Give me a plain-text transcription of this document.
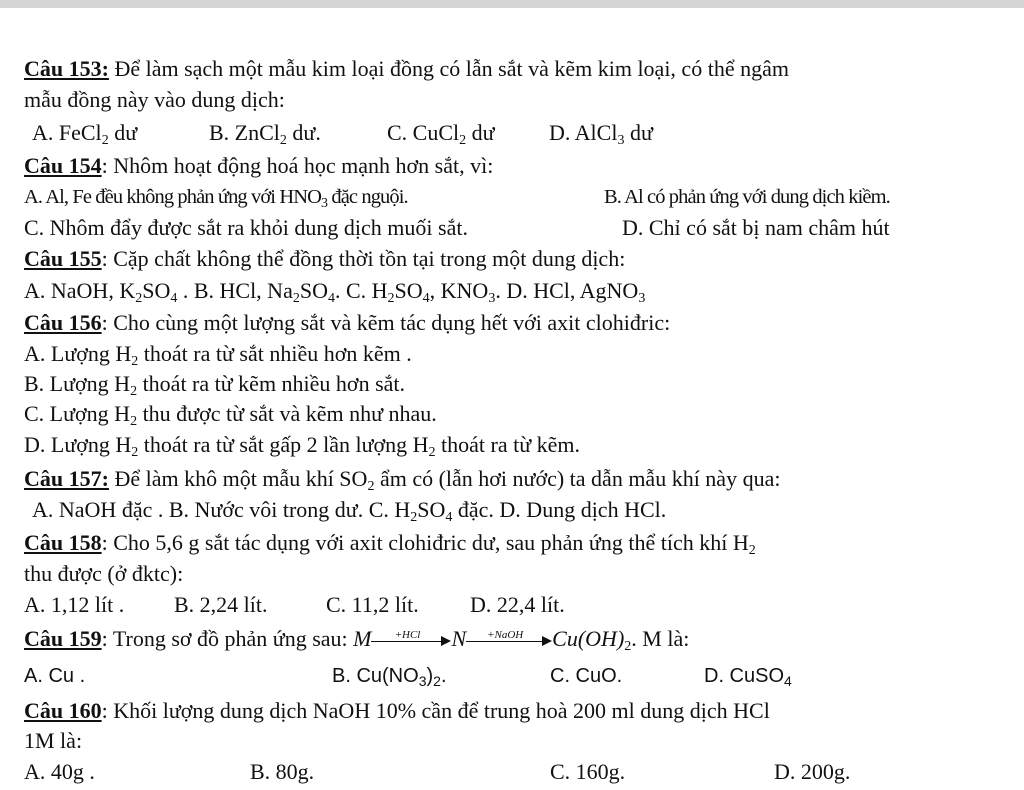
Câu 153: Để làm sạch một mẫu kim loại đồng có lẫn sắt và kẽm kim loại, có thể ngâm
mẫu đồng này vào dung dịch:
A. FeCl$_2$ dư	B. ZnCl$_2$ dư.	C. CuCl$_2$ dư D. AlCl$_3$ dư
Câu 154: Nhôm hoạt động hoá học mạnh hơn sắt, vì:
A. Al, Fe đều không phản ứng với $HNO_3$ đặc nguội.	B. Al có phản ứng với dung dịch kiềm.
C. Nhôm đẩy được sắt ra khỏi dung dịch muối sắt.	D. Chỉ có sắt bị nam châm hút
Câu 155: Cặp chất không thể đồng thời tồn tại trong một dung dịch:
A. NaOH, $K_2SO_4$ . B. HCl, $Na_2SO_4$. C. $H_2SO_4$, $KNO_3$. D. HCl, AgNO$_3$
Câu 156: Cho cùng một lượng sắt và kẽm tác dụng hết với axit clohiđric:
A. Lượng $H_2$ thoát ra từ sắt nhiều hơn kẽm .
B. Lượng $H_2$ thoát ra từ kẽm nhiều hơn sắt.
C. Lượng $H_2$ thu được từ sắt và kẽm như nhau.
D. Lượng $H_2$ thoát ra từ sắt gấp 2 lần lượng $H_2$ thoát ra từ kẽm.
Câu 157: Để làm khô một mẫu khí $SO_2$ ẩm có (lẫn hơi nước) ta dẫn mẫu khí này qua:
A. NaOH đặc . B. Nước vôi trong dư. C. $H_2SO_4$ đặc. D. Dung dịch HCl.
Câu 158: Cho 5,6 g sắt tác dụng với axit clohiđric dư, sau phản ứng thể tích khí $H_2$
thu được (ở đktc):
A. 1,12 lít . B. 2,24 lít.	C. 11,2 lít. D. 22,4 lít.
Câu 159: Trong sơ đồ phản ứng sau: M	+HCl	N	+NaOH	$Cu(OH)_2$. M là:
A. Cu .	B. $Cu(NO_3)_2$.	C. CuO.	D. CuSO$_4$
Câu 160: Khối lượng dung dịch NaOH 10% cần để trung hoà 200 ml dung dịch HCl
1M là:
A. 40g .	B. 80g.	C. 160g.	D. 200g.
